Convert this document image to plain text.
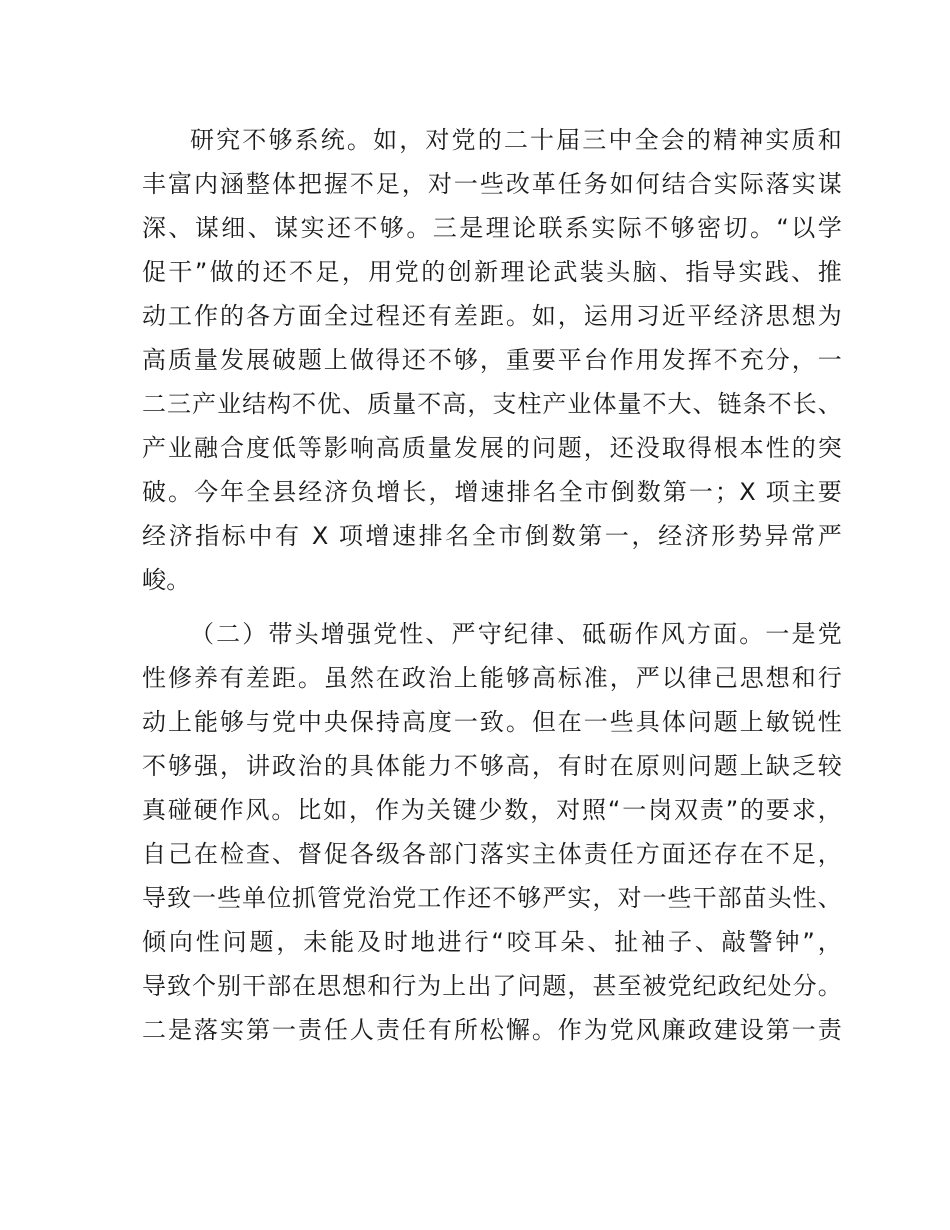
研究不够系统。如，对党的二十届三中全会的精神实质和
丰富内涵整体把握不足，对一些改革任务如何结合实际落实谋
深、谋细、谋实还不够。三是理论联系实际不够密切。“以学
促干”做的还不足，用党的创新理论武装头脑、指导实践、推
动工作的各方面全过程还有差距。如，运用习近平经济思想为
高质量发展破题上做得还不够，重要平台作用发挥不充分，一
二三产业结构不优、质量不高，支柱产业体量不大、链条不长、
产业融合度低等影响高质量发展的问题，还没取得根本性的突
破。今年全县经济负增长，增速排名全市倒数第一；X 项主要
经济指标中有 X 项增速排名全市倒数第一，经济形势异常严
峻。
（二）带头增强党性、严守纪律、砥砺作风方面。一是党
性修养有差距。虽然在政治上能够高标准，严以律己思想和行
动上能够与党中央保持高度一致。但在一些具体问题上敏锐性
不够强，讲政治的具体能力不够高，有时在原则问题上缺乏较
真碰硬作风。比如，作为关键少数，对照“一岗双责”的要求，
自己在检查、督促各级各部门落实主体责任方面还存在不足，
导致一些单位抓管党治党工作还不够严实，对一些干部苗头性、
倾向性问题，未能及时地进行“咬耳朵、扯袖子、敲警钟”，
导致个别干部在思想和行为上出了问题，甚至被党纪政纪处分。
二是落实第一责任人责任有所松懈。作为党风廉政建设第一责
